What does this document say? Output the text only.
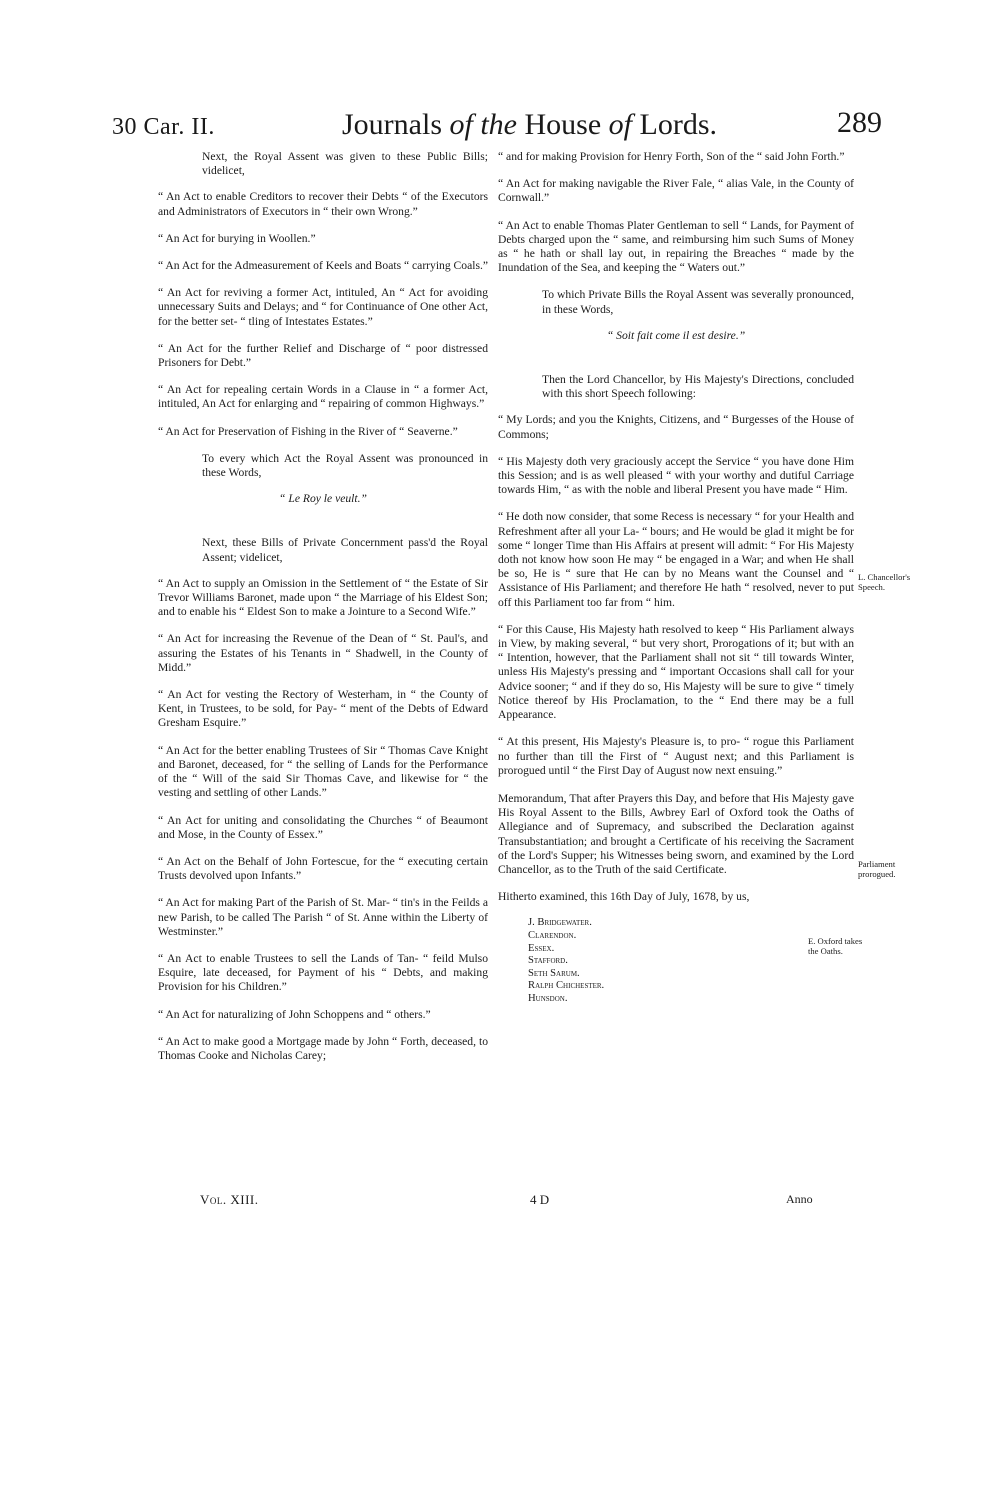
30 Car. II.	Journals of the House of Lords.	289

Next, the Royal Assent was given to these Public Bills; videlicet,

“ An Act to enable Creditors to recover their Debts “ of the Executors and Administrators of Executors in “ their own Wrong.”

“ An Act for burying in Woollen.”

“ An Act for the Admeasurement of Keels and Boats “ carrying Coals.”

“ An Act for reviving a former Act, intituled, An “ Act for avoiding unnecessary Suits and Delays; and “ for Continuance of One other Act, for the better set- “ tling of Intestates Estates.”

“ An Act for the further Relief and Discharge of “ poor distressed Prisoners for Debt.”

“ An Act for repealing certain Words in a Clause in “ a former Act, intituled, An Act for enlarging and “ repairing of common Highways.”

“ An Act for Preservation of Fishing in the River of “ Seaverne.”

To every which Act the Royal Assent was pronounced in these Words,

“ Le Roy le veult.”

Next, these Bills of Private Concernment pass'd the Royal Assent; videlicet,

“ An Act to supply an Omission in the Settlement of “ the Estate of Sir Trevor Williams Baronet, made upon “ the Marriage of his Eldest Son; and to enable his “ Eldest Son to make a Jointure to a Second Wife.”

“ An Act for increasing the Revenue of the Dean of “ St. Paul's, and assuring the Estates of his Tenants in “ Shadwell, in the County of Midd.”

“ An Act for vesting the Rectory of Westerham, in “ the County of Kent, in Trustees, to be sold, for Pay- “ ment of the Debts of Edward Gresham Esquire.”

“ An Act for the better enabling Trustees of Sir “ Thomas Cave Knight and Baronet, deceased, for “ the selling of Lands for the Performance of the “ Will of the said Sir Thomas Cave, and likewise for “ the vesting and settling of other Lands.”

“ An Act for uniting and consolidating the Churches “ of Beaumont and Mose, in the County of Essex.”

“ An Act on the Behalf of John Fortescue, for the “ executing certain Trusts devolved upon Infants.”

“ An Act for making Part of the Parish of St. Mar- “ tin's in the Feilds a new Parish, to be called The Parish “ of St. Anne within the Liberty of Westminster.”

“ An Act to enable Trustees to sell the Lands of Tan- “ feild Mulso Esquire, late deceased, for Payment of his “ Debts, and making Provision for his Children.”

“ An Act for naturalizing of John Schoppens and “ others.”

“ An Act to make good a Mortgage made by John “ Forth, deceased, to Thomas Cooke and Nicholas Carey;

“ and for making Provision for Henry Forth, Son of the “ said John Forth.”

“ An Act for making navigable the River Fale, “ alias Vale, in the County of Cornwall.”

“ An Act to enable Thomas Plater Gentleman to sell “ Lands, for Payment of Debts charged upon the “ same, and reimbursing him such Sums of Money as “ he hath or shall lay out, in repairing the Breaches “ made by the Inundation of the Sea, and keeping the “ Waters out.”

To which Private Bills the Royal Assent was severally pronounced, in these Words,

“ Soit fait come il est desire.”

Then the Lord Chancellor, by His Majesty's Directions, concluded with this short Speech following:

“ My Lords; and you the Knights, Citizens, and “ Burgesses of the House of Commons;

“ His Majesty doth very graciously accept the Service “ you have done Him this Session; and is as well pleased “ with your worthy and dutiful Carriage towards Him, “ as with the noble and liberal Present you have made “ Him.

“ He doth now consider, that some Recess is necessary “ for your Health and Refreshment after all your La- “ bours; and He would be glad it might be for some “ longer Time than His Affairs at present will admit: “ For His Majesty doth not know how soon He may “ be engaged in a War; and when He shall be so, He is “ sure that He can by no Means want the Counsel and “ Assistance of His Parliament; and therefore He hath “ resolved, never to put off this Parliament too far from “ him.

“ For this Cause, His Majesty hath resolved to keep “ His Parliament always in View, by making several, “ but very short, Prorogations of it; but with an “ Intention, however, that the Parliament shall not sit “ till towards Winter, unless His Majesty's pressing and “ important Occasions shall call for your Advice sooner; “ and if they do so, His Majesty will be sure to give “ timely Notice thereof by His Proclamation, to the “ End there may be a full Appearance.

“ At this present, His Majesty's Pleasure is, to pro- “ rogue this Parliament no further than till the First of “ August next; and this Parliament is prorogued until “ the First Day of August now next ensuing.”

Memorandum, That after Prayers this Day, and before that His Majesty gave His Royal Assent to the Bills, Awbrey Earl of Oxford took the Oaths of Allegiance and of Supremacy, and subscribed the Declaration against Transubstantiation; and brought a Certificate of his receiving the Sacrament of the Lord's Supper; his Witnesses being sworn, and examined by the Lord Chancellor, as to the Truth of the said Certificate.

Hitherto examined, this 16th Day of July, 1678, by us,

J. Bridgewater.
Clarendon.
Essex.
Stafford.
Seth Sarum.
Ralph Chichester.
Hunsdon.
L. Chancellor's Speech.
Parliament prorogued.
E. Oxford takes the Oaths.
Vol. XIII.	4 D	Anno
